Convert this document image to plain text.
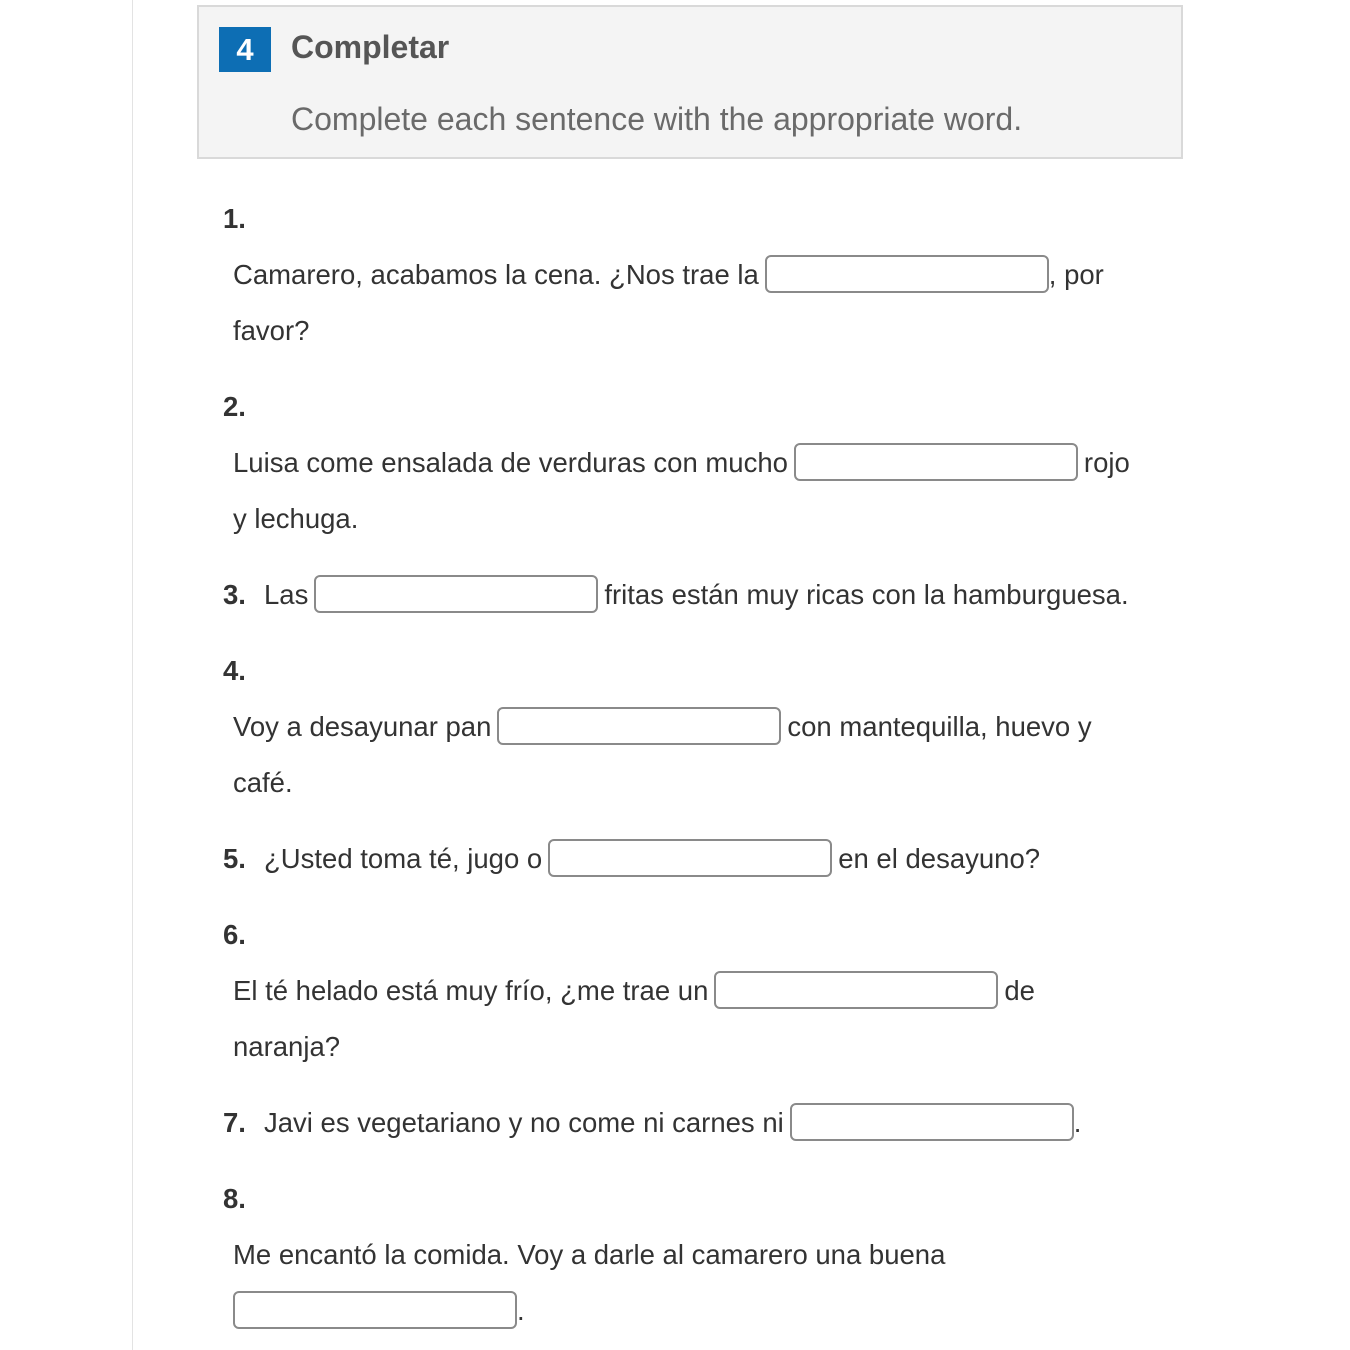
4	Completar
Complete each sentence with the appropriate word.
1.
Camarero, acabamos la cena. ¿Nos trae la	, por
favor?
2.
Luisa come ensalada de verduras con mucho	rojo
y lechuga.
3. Las	fritas están muy ricas con la hamburguesa.
4.
Voy a desayunar pan	con mantequilla, huevo y
café.
5. ¿Usted toma té, jugo o	en el desayuno?
6.
El té helado está muy frío, ¿me trae un	de
naranja?
7. Javi es vegetariano y no come ni carnes ni	.
8.
Me encantó la comida. Voy a darle al camarero una buena
.
